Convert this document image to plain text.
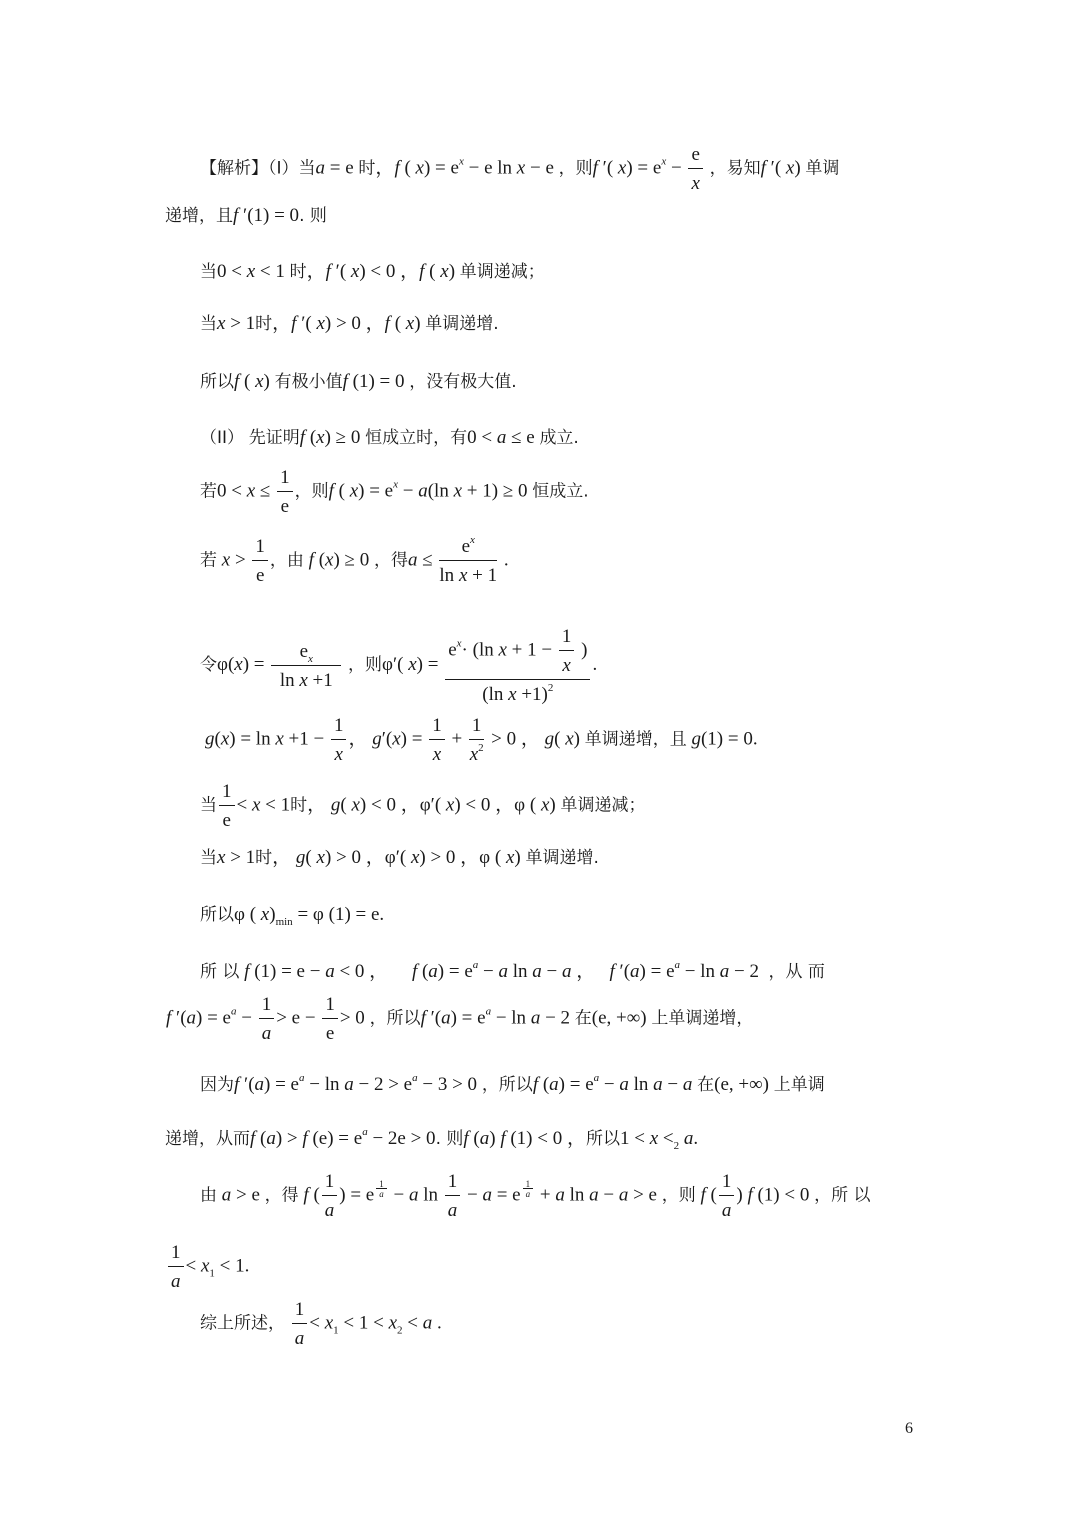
【解析】（I）当a = e 时，f ( $x) = e^x - e$ ln x − e ，则f ′( $x) = e^x - \frac{e}{x}$ ，易知f ′( x) 单调
递增，且f ′(1) = 0. 则
当0 < x < 1 时，f ′( x) < 0 ，f ( x) 单调递减；
当x > 1时，f ′( x) > 0 ，f ( x) 单调递增.
所以f ( x) 有极小值f (1) = 0 ，没有极大值.
（II） 先证明f (x) ≥ 0 恒成立时，有0 < a ≤ e 成立.
若$0 < x \le \frac{1}{e}$ ，则f ( $x) = e^x - a(\ln$ x + 1) ≥ 0 恒成立.
若 $x > \frac{1}{e}$ ，由 f (x) ≥ 0 ，得$a \le \frac{e^x}{\text{ln x + 1}}$ .
令$\varphi(x) = \frac{e_x}{\text{ln x +1}}$ ，则φ′( $x) = \frac{e^x\cdot (\ln x + 1 - \frac{1}{x} )}{(\ln x +1)^2}$ .
$g(x) = \ln x +1 - \frac{1}{x}$ ， $g'(x) = \frac{1}{x} + \frac{1}{x^2} > 0$ ， g( x) 单调递增，且 g(1) = 0.
当 $\frac{1}{e} < x < 1$时， g( x) < 0 ，φ′( x) < 0 ，φ ( x) 单调递减；
当x > 1时， g( x) > 0 ，φ′( x) > 0 ，φ ( x) 单调递增.
所以φ ( $x)_{min} = \varphi$ (1) = e.
所 以 f (1) = e − a < 0 ，     f $(a) = e^a - a$ ln a − a ，   f $'(a) = e^a - \ln a - 2$  ，从 而
f $'(a) = e^a - \frac{1}{a} > e - \frac{1}{e} > 0$ ，所以f $'(a) = e^a - \ln a - 2$ 在(e, +∞) 上单调递增，
因为f $'(a) = e^a - \ln a - 2 > e^a - 3 > 0$ ，所以f $(a) = e^a - a$ ln a − a 在(e, +∞) 上单调
递增，从而f (a) > f $(e) = e^a - 2e > 0$. 则f (a) f (1) < 0 ，所以$1 < x <_2$ a.
由 a > e ，得 f ( $\frac{1}{a}$ ) = e $^{\frac{1}{a}}$ − a $\ln \frac{1}{a} - a = e$ $^{\frac{1}{a}}$ + a ln a − a > e ，则 f ( $\frac{1}{a}$ ) f (1) < 0 ，所 以
$\frac{1}{a} < x_1 < 1$.
综上所述， $\frac{1}{a} < x_1 < 1 < x_2 < a$ .
6
